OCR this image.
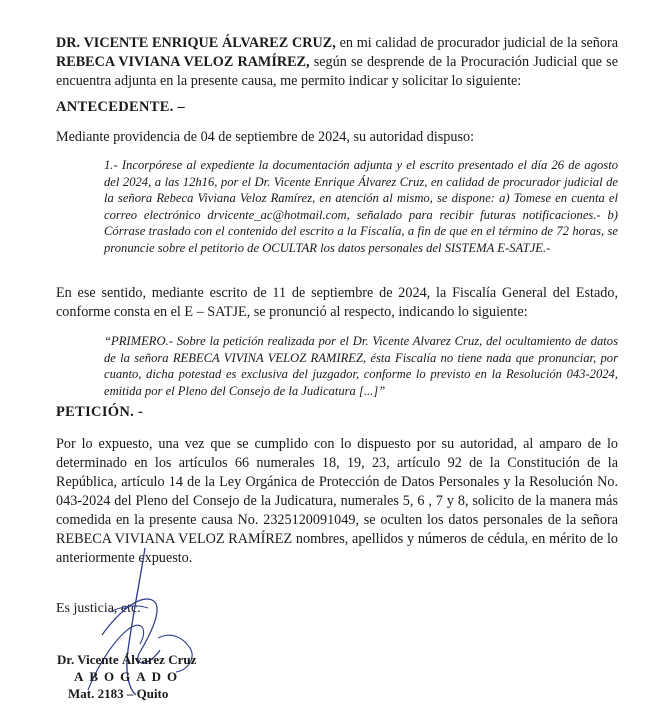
DR. VICENTE ENRIQUE ÁLVAREZ CRUZ, en mi calidad de procurador judicial de la señora REBECA VIVIANA VELOZ RAMÍREZ, según se desprende de la Procuración Judicial que se encuentra adjunta en la presente causa, me permito indicar y solicitar lo siguiente:

ANTECEDENTE. –

Mediante providencia de 04 de septiembre de 2024, su autoridad dispuso:

1.- Incorpórese al expediente la documentación adjunta y el escrito presentado el día 26 de agosto del 2024, a las 12h16, por el Dr. Vicente Enrique Álvarez Cruz, en calidad de procurador judicial de la señora Rebeca Viviana Veloz Ramírez, en atención al mismo, se dispone: a) Tomese en cuenta el correo electrónico drvicente_ac@hotmail.com, señalado para recibir futuras notificaciones.- b) Córrase traslado con el contenido del escrito a la Fiscalía, a fin de que en el término de 72 horas, se pronuncie sobre el petitorio de OCULTAR los datos personales del SISTEMA E-SATJE.-

En ese sentido, mediante escrito de 11 de septiembre de 2024, la Fiscalía General del Estado, conforme consta en el E – SATJE, se pronunció al respecto, indicando lo siguiente:

“PRIMERO.- Sobre la petición realizada por el Dr. Vicente Alvarez Cruz, del ocultamiento de datos de la señora REBECA VIVINA VELOZ RAMIREZ, ésta Fiscalía no tiene nada que pronunciar, por cuanto, dicha potestad es exclusiva del juzgador, conforme lo previsto en la Resolución 043-2024, emitida por el Pleno del Consejo de la Judicatura [...]”

PETICIÓN. -

Por lo expuesto, una vez que se cumplido con lo dispuesto por su autoridad, al amparo de lo determinado en los artículos 66 numerales 18, 19, 23, artículo 92 de la Constitución de la República, artículo 14 de la Ley Orgánica de Protección de Datos Personales y la Resolución No. 043-2024 del Pleno del Consejo de la Judicatura, numerales 5, 6 , 7 y 8, solicito de la manera más comedida en la presente causa No. 2325120091049, se oculten los datos personales de la señora REBECA VIVIANA VELOZ RAMÍREZ nombres, apellidos y números de cédula, en mérito de lo anteriormente expuesto.

Es justicia, etc.

Dr. Vicente Álvarez Cruz

ABOGADO

Mat. 2183 – Quito
